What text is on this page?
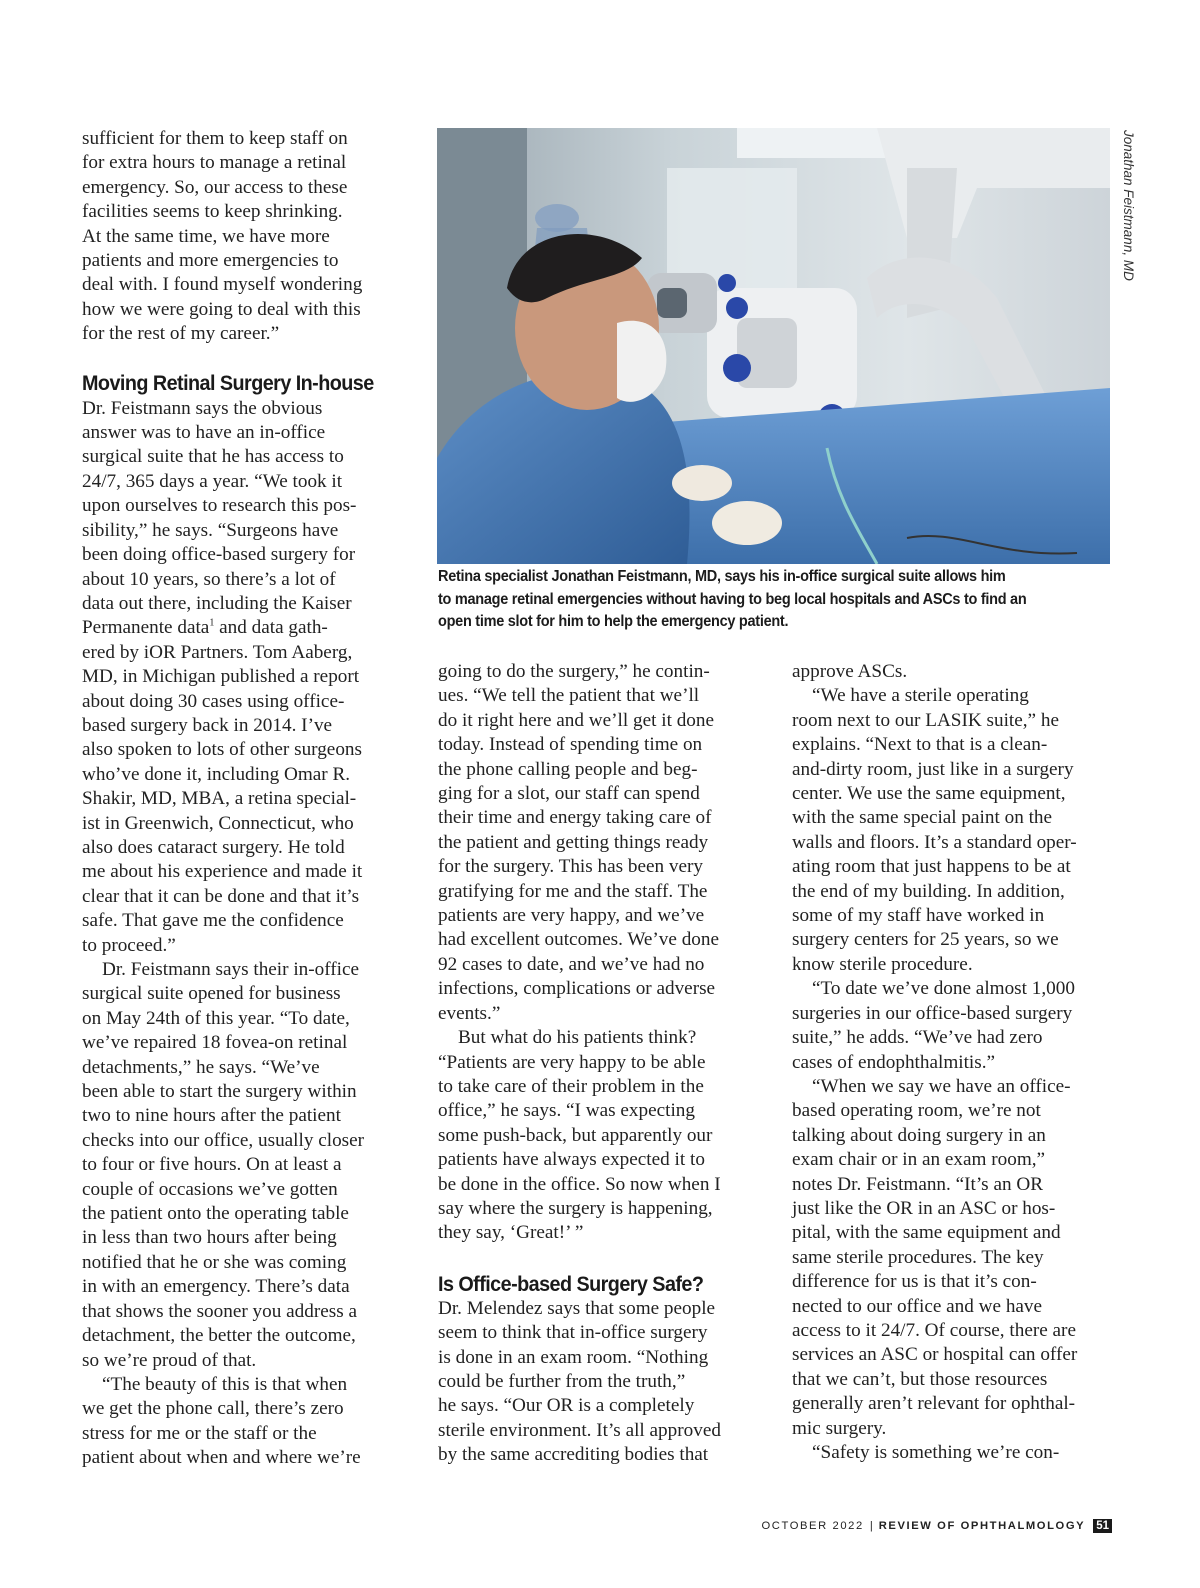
Jonathan Feistmann, MD
Retina specialist Jonathan Feistmann, MD, says his in-office surgical suite allows him
to manage retinal emergencies without having to beg local hospitals and ASCs to find an
open time slot for him to help the emergency patient.

sufficient for them to keep staff on
for extra hours to manage a retinal
emergency. So, our access to these
facilities seems to keep shrinking.
At the same time, we have more
patients and more emergencies to
deal with. I found myself wondering
how we were going to deal with this
for the rest of my career.”

Moving Retinal Surgery In-house

Dr. Feistmann says the obvious
answer was to have an in-office
surgical suite that he has access to
24/7, 365 days a year. “We took it
upon ourselves to research this pos-
sibility,” he says. “Surgeons have
been doing office-based surgery for
about 10 years, so there’s a lot of
data out there, including the Kaiser
Permanente data$^1$ and data gath-
ered by iOR Partners. Tom Aaberg,
MD, in Michigan published a report
about doing 30 cases using office-
based surgery back in 2014. I’ve
also spoken to lots of other surgeons
who’ve done it, including Omar R.
Shakir, MD, MBA, a retina special-
ist in Greenwich, Connecticut, who
also does cataract surgery. He told
me about his experience and made it
clear that it can be done and that it’s
safe. That gave me the confidence
to proceed.”

Dr. Feistmann says their in-office
surgical suite opened for business
on May 24th of this year. “To date,
we’ve repaired 18 fovea-on retinal
detachments,” he says. “We’ve
been able to start the surgery within
two to nine hours after the patient
checks into our office, usually closer
to four or five hours. On at least a
couple of occasions we’ve gotten
the patient onto the operating table
in less than two hours after being
notified that he or she was coming
in with an emergency. There’s data
that shows the sooner you address a
detachment, the better the outcome,
so we’re proud of that.

“The beauty of this is that when
we get the phone call, there’s zero
stress for me or the staff or the
patient about when and where we’re

going to do the surgery,” he contin-
ues. “We tell the patient that we’ll
do it right here and we’ll get it done
today. Instead of spending time on
the phone calling people and beg-
ging for a slot, our staff can spend
their time and energy taking care of
the patient and getting things ready
for the surgery. This has been very
gratifying for me and the staff. The
patients are very happy, and we’ve
had excellent outcomes. We’ve done
92 cases to date, and we’ve had no
infections, complications or adverse
events.”

But what do his patients think?
“Patients are very happy to be able
to take care of their problem in the
office,” he says. “I was expecting
some push-back, but apparently our
patients have always expected it to
be done in the office. So now when I
say where the surgery is happening,
they say, ‘Great!’ ”

Is Office-based Surgery Safe?

Dr. Melendez says that some people
seem to think that in-office surgery
is done in an exam room. “Nothing
could be further from the truth,”
he says. “Our OR is a completely
sterile environment. It’s all approved
by the same accrediting bodies that

approve ASCs.

“We have a sterile operating
room next to our LASIK suite,” he
explains. “Next to that is a clean-
and-dirty room, just like in a surgery
center. We use the same equipment,
with the same special paint on the
walls and floors. It’s a standard oper-
ating room that just happens to be at
the end of my building. In addition,
some of my staff have worked in
surgery centers for 25 years, so we
know sterile procedure.

“To date we’ve done almost 1,000
surgeries in our office-based surgery
suite,” he adds. “We’ve had zero
cases of endophthalmitis.”

“When we say we have an office-
based operating room, we’re not
talking about doing surgery in an
exam chair or in an exam room,”
notes Dr. Feistmann. “It’s an OR
just like the OR in an ASC or hos-
pital, with the same equipment and
same sterile procedures. The key
difference for us is that it’s con-
nected to our office and we have
access to it 24/7. Of course, there are
services an ASC or hospital can offer
that we can’t, but those resources
generally aren’t relevant for ophthal-
mic surgery.

“Safety is something we’re con-

OCTOBER 2022 | REVIEW OF OPHTHALMOLOGY 51
